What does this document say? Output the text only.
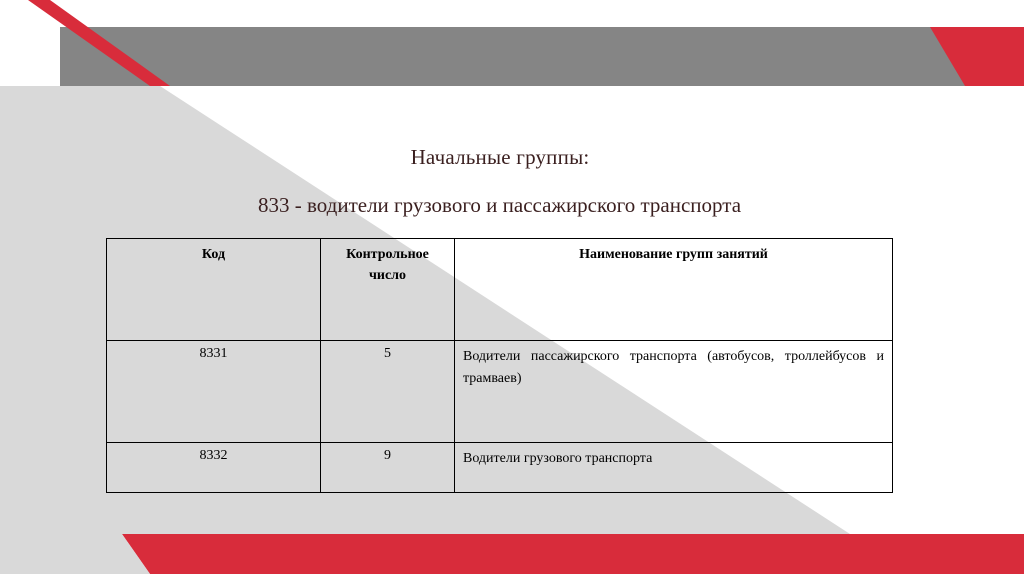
Начальные группы:
833 - водители грузового и пассажирского транспорта
Код	Контрольное число	Наименование групп занятий
8331	5	Водители пассажирского транспорта (автобусов, троллейбусов и трамваев)

8332	9	Водители грузового транспорта
